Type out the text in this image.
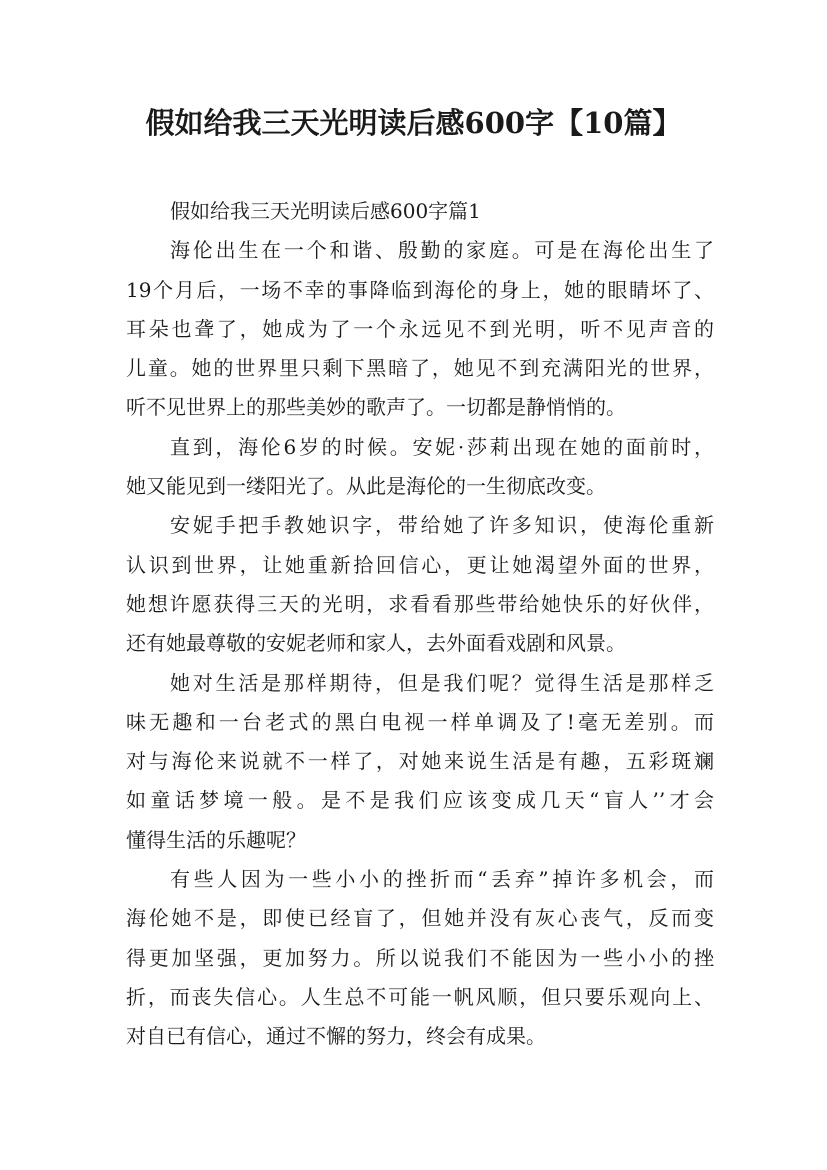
假如给我三天光明读后感600字【10篇】
假如给我三天光明读后感600字篇1
海伦出生在一个和谐、殷勤的家庭。可是在海伦出生了
19个月后，一场不幸的事降临到海伦的身上，她的眼睛坏了、
耳朵也聋了，她成为了一个永远见不到光明，听不见声音的
儿童。她的世界里只剩下黑暗了，她见不到充满阳光的世界，
听不见世界上的那些美妙的歌声了。一切都是静悄悄的。
直到，海伦6岁的时候。安妮·莎莉出现在她的面前时，
她又能见到一缕阳光了。从此是海伦的一生彻底改变。
安妮手把手教她识字，带给她了许多知识，使海伦重新
认识到世界，让她重新拾回信心，更让她渴望外面的世界，
她想许愿获得三天的光明，求看看那些带给她快乐的好伙伴，
还有她最尊敬的安妮老师和家人，去外面看戏剧和风景。
她对生活是那样期待，但是我们呢？觉得生活是那样乏
味无趣和一台老式的黑白电视一样单调及了!毫无差别。而
对与海伦来说就不一样了，对她来说生活是有趣，五彩斑斓
如童话梦境一般。是不是我们应该变成几天“盲人’’才会
懂得生活的乐趣呢？
有些人因为一些小小的挫折而“丢弃”掉许多机会，而
海伦她不是，即使已经盲了，但她并没有灰心丧气，反而变
得更加坚强，更加努力。所以说我们不能因为一些小小的挫
折，而丧失信心。人生总不可能一帆风顺，但只要乐观向上、
对自已有信心，通过不懈的努力，终会有成果。
